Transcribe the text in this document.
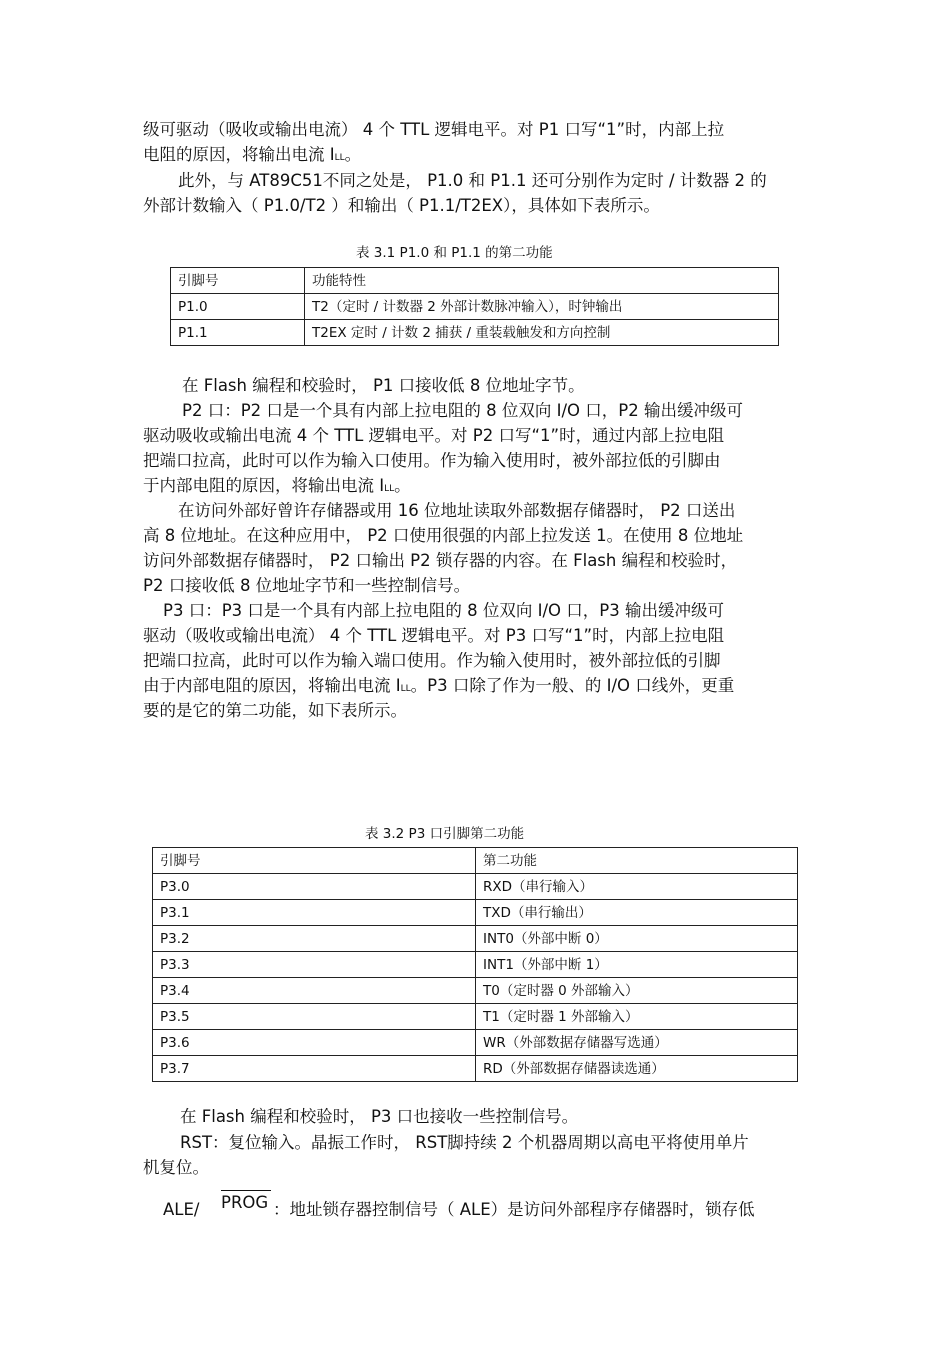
级可驱动（吸收或输出电流） 4 个 TTL 逻辑电平。对 P1 口写“1”时，内部上拉
电阻的原因，将输出电流 ILL。
此外，与 AT89C51不同之处是， P1.0 和 P1.1 还可分别作为定时 / 计数器 2 的
外部计数输入（ P1.0/T2 ）和输出（ P1.1/T2EX），具体如下表所示。
表 3.1 P1.0 和 P1.1 的第二功能
引脚号	功能特性
P1.0	T2（定时 / 计数器 2 外部计数脉冲输入），时钟输出
P1.1	T2EX 定时 / 计数 2 捕获 / 重装载触发和方向控制
在 Flash 编程和校验时， P1 口接收低 8 位地址字节。
P2 口：P2 口是一个具有内部上拉电阻的 8 位双向 I/O 口，P2 输出缓冲级可
驱动吸收或输出电流 4 个 TTL 逻辑电平。对 P2 口写“1”时，通过内部上拉电阻
把端口拉高，此时可以作为输入口使用。作为输入使用时，被外部拉低的引脚由
于内部电阻的原因，将输出电流 ILL。
在访问外部好曾许存储器或用 16 位地址读取外部数据存储器时， P2 口送出
高 8 位地址。在这种应用中， P2 口使用很强的内部上拉发送 1。在使用 8 位地址
访问外部数据存储器时， P2 口输出 P2 锁存器的内容。在 Flash 编程和校验时，
P2 口接收低 8 位地址字节和一些控制信号。
P3 口：P3 口是一个具有内部上拉电阻的 8 位双向 I/O 口，P3 输出缓冲级可
驱动（吸收或输出电流） 4 个 TTL 逻辑电平。对 P3 口写“1”时，内部上拉电阻
把端口拉高，此时可以作为输入端口使用。作为输入使用时，被外部拉低的引脚
由于内部电阻的原因，将输出电流 ILL。P3 口除了作为一般、的 I/O 口线外，更重
要的是它的第二功能，如下表所示。
表 3.2 P3 口引脚第二功能
引脚号	第二功能
P3.0	RXD（串行输入）
P3.1	TXD（串行输出）
P3.2	INT0（外部中断 0）
P3.3	INT1（外部中断 1）
P3.4	T0（定时器 0 外部输入）
P3.5	T1（定时器 1 外部输入）
P3.6	WR（外部数据存储器写选通）
P3.7	RD（外部数据存储器读选通）
在 Flash 编程和校验时， P3 口也接收一些控制信号。
RST：复位输入。晶振工作时， RST脚持续 2 个机器周期以高电平将使用单片
机复位。
ALE/ PROG ：地址锁存器控制信号（ ALE）是访问外部程序存储器时，锁存低
